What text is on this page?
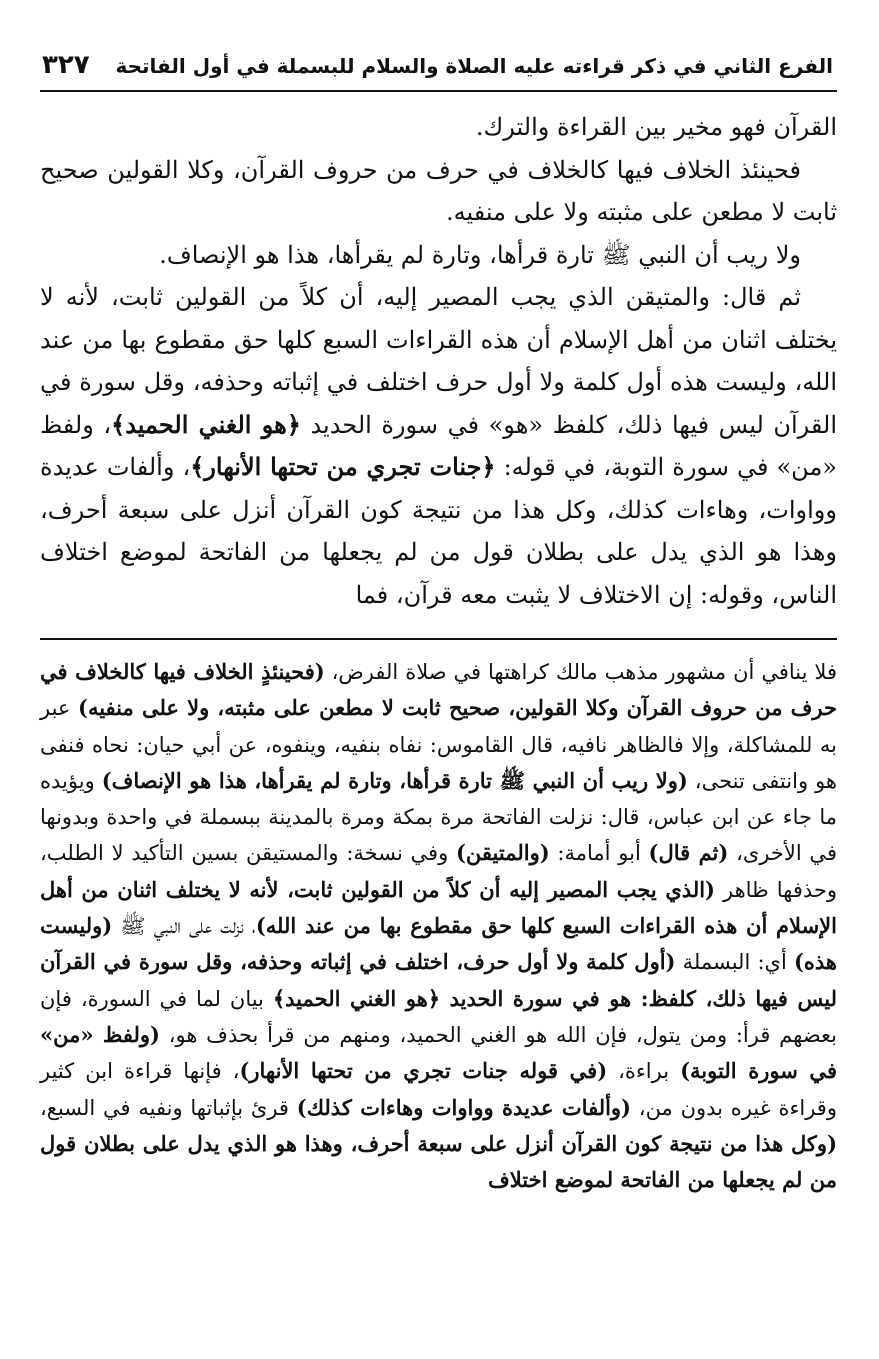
الفرع الثاني في ذكر قراءته عليه الصلاة والسلام للبسملة في أول الفاتحة
٣٢٧

القرآن فهو مخير بين القراءة والترك.

فحينئذ الخلاف فيها كالخلاف في حرف من حروف القرآن، وكلا القولين صحيح ثابت لا مطعن على مثبته ولا على منفيه.

ولا ريب أن النبي ﷺ تارة قرأها، وتارة لم يقرأها، هذا هو الإنصاف.

ثم قال: والمتيقن الذي يجب المصير إليه، أن كلاً من القولين ثابت، لأنه لا يختلف اثنان من أهل الإسلام أن هذه القراءات السبع كلها حق مقطوع بها من عند الله، وليست هذه أول كلمة ولا أول حرف اختلف في إثباته وحذفه، وقل سورة في القرآن ليس فيها ذلك، كلفظ «هو» في سورة الحديد ﴿هو الغني الحميد﴾، ولفظ «من» في سورة التوبة، في قوله: ﴿جنات تجري من تحتها الأنهار﴾، وألفات عديدة وواوات، وهاءات كذلك، وكل هذا من نتيجة كون القرآن أنزل على سبعة أحرف، وهذا هو الذي يدل على بطلان قول من لم يجعلها من الفاتحة لموضع اختلاف الناس، وقوله: إن الاختلاف لا يثبت معه قرآن، فما

فلا ينافي أن مشهور مذهب مالك كراهتها في صلاة الفرض، (فحينئذٍ الخلاف فيها كالخلاف في حرف من حروف القرآن وكلا القولين، صحيح ثابت لا مطعن على مثبته، ولا على منفيه) عبر به للمشاكلة، وإلا فالظاهر نافيه، قال القاموس: نفاه بنفيه، وينفوه، عن أبي حيان: نحاه فنفى هو وانتفى تنحى، (ولا ريب أن النبي ﷺ تارة قرأها، وتارة لم يقرأها، هذا هو الإنصاف) ويؤيده ما جاء عن ابن عباس، قال: نزلت الفاتحة مرة بمكة ومرة بالمدينة ببسملة في واحدة وبدونها في الأخرى، (ثم قال) أبو أمامة: (والمتيقن) وفي نسخة: والمستيقن بسين التأكيد لا الطلب، وحذفها ظاهر (الذي يجب المصير إليه أن كلاً من القولين ثابت، لأنه لا يختلف اثنان من أهل الإسلام أن هذه القراءات السبع كلها حق مقطوع بها من عند الله)، نزلت على النبي ﷺ (وليست هذه) أي: البسملة (أول كلمة ولا أول حرف، اختلف في إثباته وحذفه، وقل سورة في القرآن ليس فيها ذلك، كلفظ: هو في سورة الحديد ﴿هو الغني الحميد﴾ بيان لما في السورة، فإن بعضهم قرأ: ومن يتول، فإن الله هو الغني الحميد، ومنهم من قرأ بحذف هو، (ولفظ «من» في سورة التوبة) براءة، (في قوله جنات تجري من تحتها الأنهار)، فإنها قراءة ابن كثير وقراءة غيره بدون من، (وألفات عديدة وواوات وهاءات كذلك) قرئ بإثباتها ونفيه في السبع، (وكل هذا من نتيجة كون القرآن أنزل على سبعة أحرف، وهذا هو الذي يدل على بطلان قول من لم يجعلها من الفاتحة لموضع اختلاف
